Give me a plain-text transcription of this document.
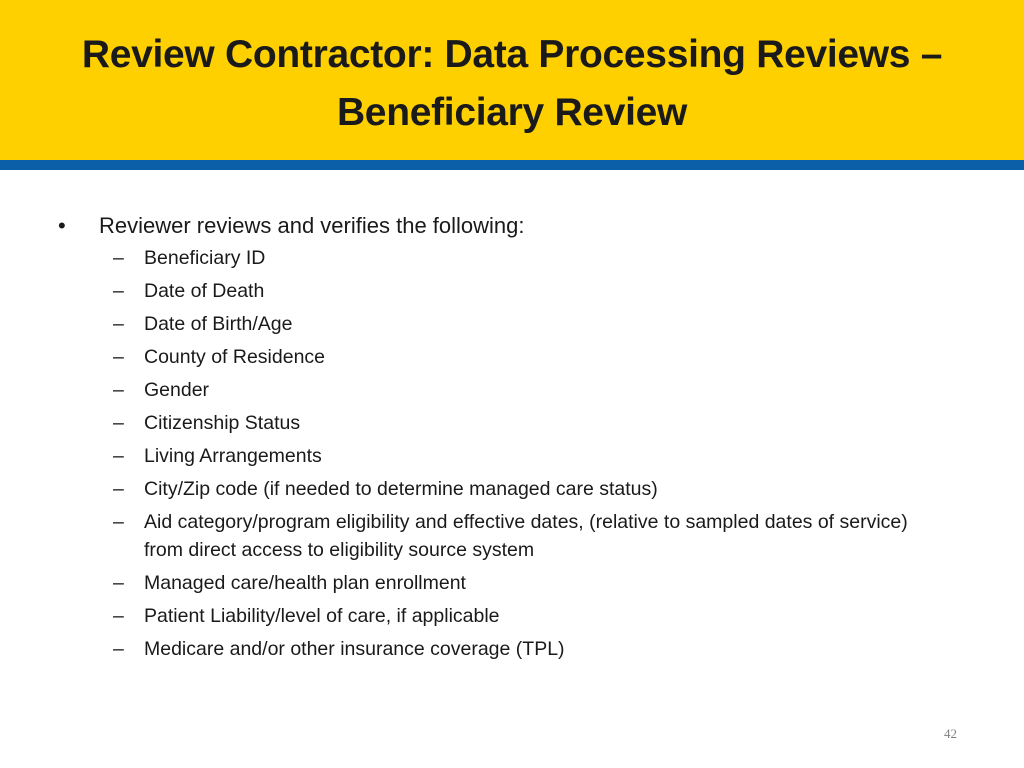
Review Contractor: Data Processing Reviews – Beneficiary Review
•	Reviewer reviews and verifies the following:
–	Beneficiary ID
–	Date of Death
–	Date of Birth/Age
–	County of Residence
–	Gender
–	Citizenship Status
–	Living Arrangements
–	City/Zip code (if needed to determine managed care status)
–	Aid category/program eligibility and effective dates, (relative to sampled dates of service) from direct access to eligibility source system
–	Managed care/health plan enrollment
–	Patient Liability/level of care, if applicable
–	Medicare and/or other insurance coverage (TPL)
42
